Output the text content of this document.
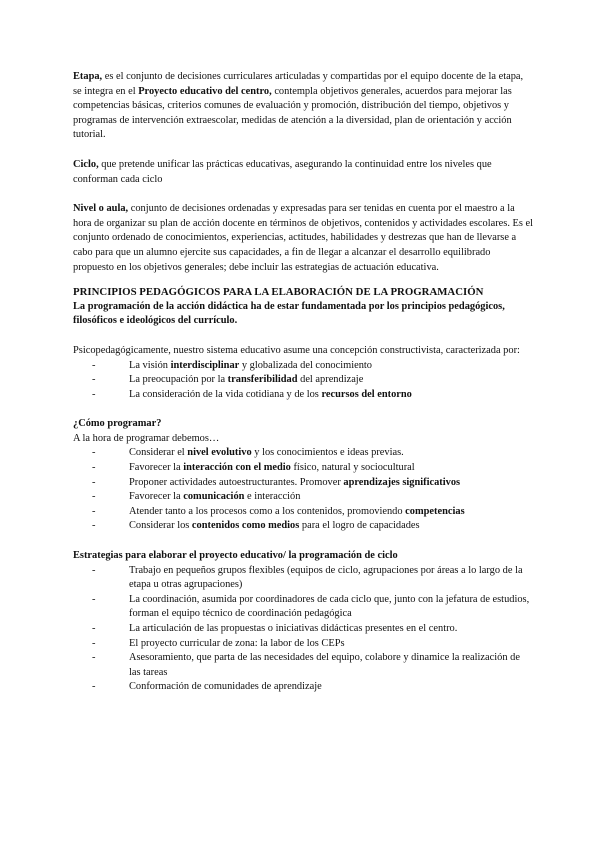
Etapa, es el conjunto de decisiones curriculares articuladas y compartidas por el equipo docente de la etapa, se integra en el Proyecto educativo del centro, contempla objetivos generales, acuerdos para mejorar las competencias básicas, criterios comunes de evaluación y promoción, distribución del tiempo, objetivos y programas de intervención extraescolar, medidas de atención a la diversidad, plan de orientación y acción tutorial.

Ciclo, que pretende unificar las prácticas educativas, asegurando la continuidad entre los niveles que conforman cada ciclo

Nivel o aula, conjunto de decisiones ordenadas y expresadas para ser tenidas en cuenta por el maestro a la hora de organizar su plan de acción docente en términos de objetivos, contenidos y actividades escolares. Es el conjunto ordenado de conocimientos, experiencias, actitudes, habilidades y destrezas que han de llevarse a cabo para que un alumno ejercite sus capacidades, a fin de llegar a alcanzar el desarrollo equilibrado propuesto en los objetivos generales; debe incluir las estrategias de actuación educativa.

PRINCIPIOS PEDAGÓGICOS PARA LA ELABORACIÓN DE LA PROGRAMACIÓN

La programación de la acción didáctica ha de estar fundamentada por los principios pedagógicos, filosóficos e ideológicos del currículo.

Psicopedagógicamente, nuestro sistema educativo asume una concepción constructivista, caracterizada por:

- La visión interdisciplinar y globalizada del conocimiento
- La preocupación por la transferibilidad del aprendizaje
- La consideración de la vida cotidiana y de los recursos del entorno

¿Cómo programar?

A la hora de programar debemos…

- Considerar el nivel evolutivo y los conocimientos e ideas previas.
- Favorecer la interacción con el medio físico, natural y sociocultural
- Proponer actividades autoestructurantes. Promover aprendizajes significativos
- Favorecer la comunicación e interacción
- Atender tanto a los procesos como a los contenidos, promoviendo competencias
- Considerar los contenidos como medios para el logro de capacidades

Estrategias para elaborar el proyecto educativo/ la programación de ciclo

- Trabajo en pequeños grupos flexibles (equipos de ciclo, agrupaciones por áreas a lo largo de la etapa u otras agrupaciones)
- La coordinación, asumida por coordinadores de cada ciclo que, junto con la jefatura de estudios, forman el equipo técnico de coordinación pedagógica
- La articulación de las propuestas o iniciativas didácticas presentes en el centro.
- El proyecto curricular de zona: la labor de los CEPs
- Asesoramiento, que parta de las necesidades del equipo, colabore y dinamice la realización de las tareas
- Conformación de comunidades de aprendizaje
